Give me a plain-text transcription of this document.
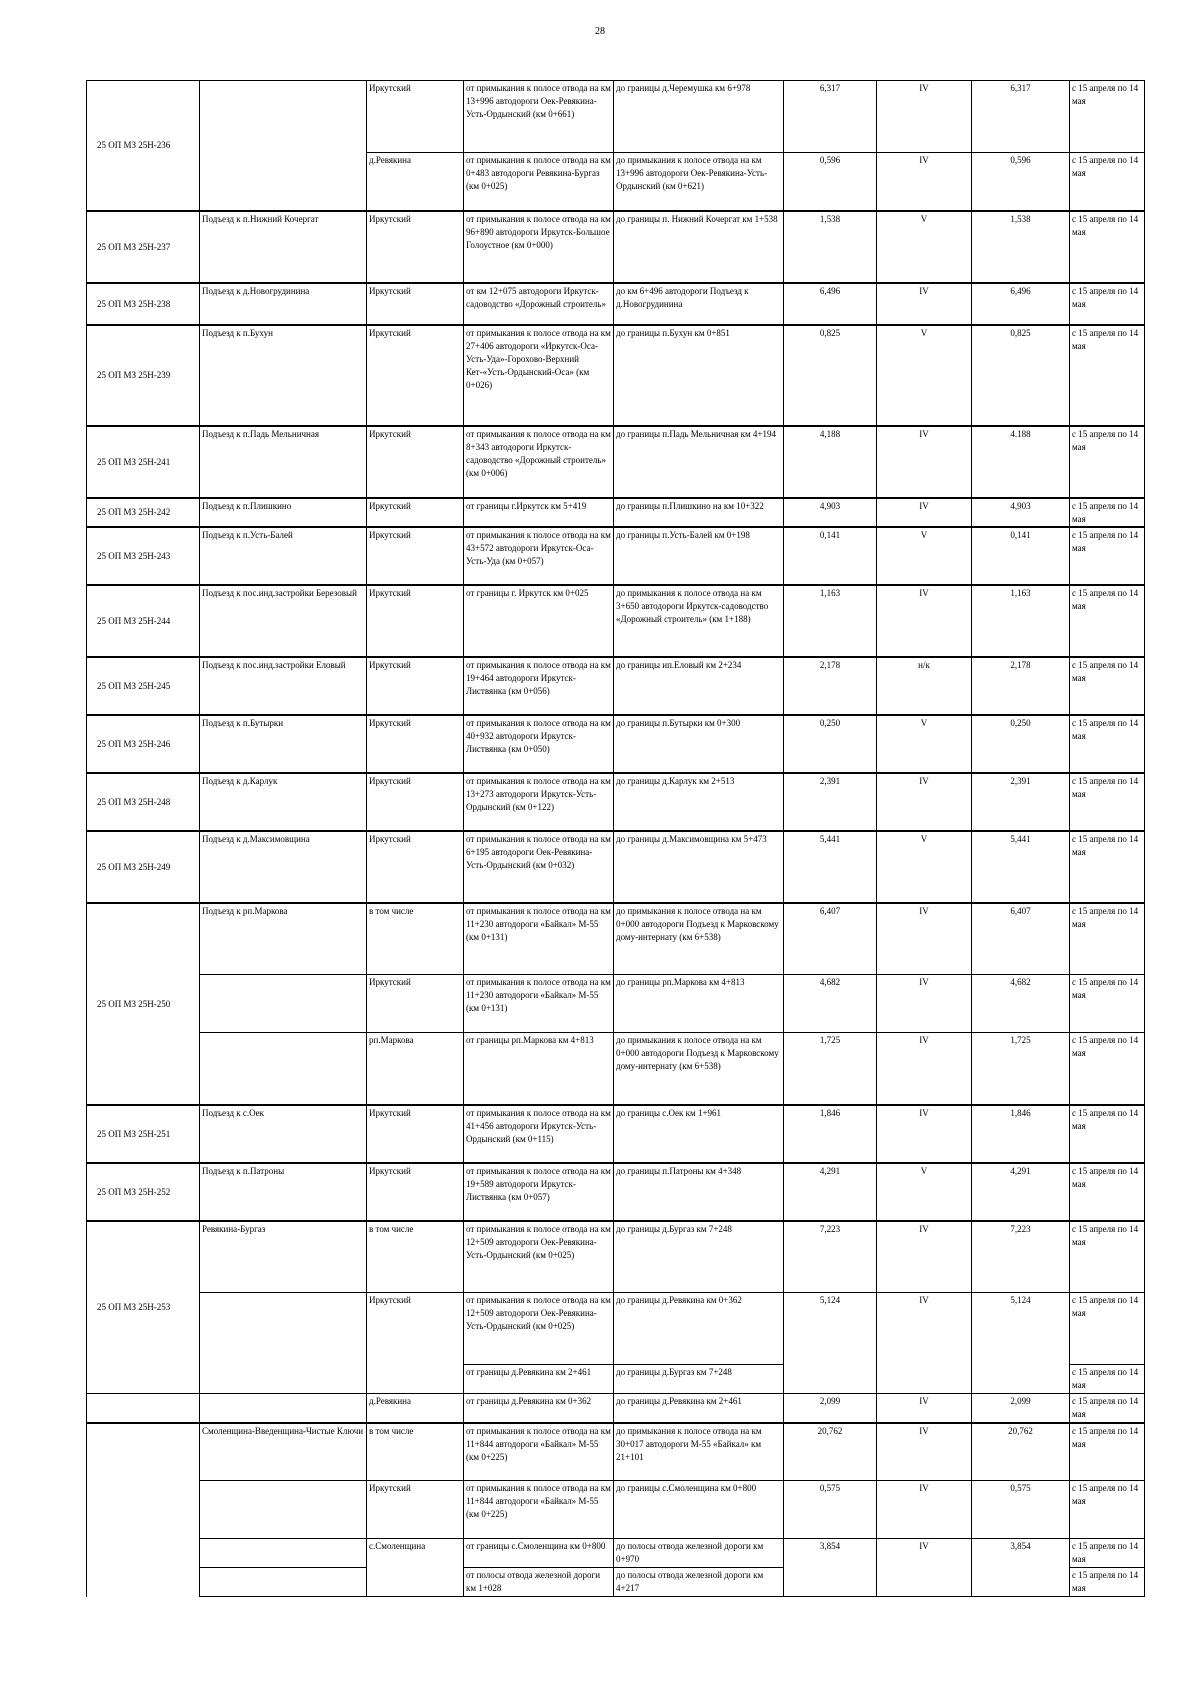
28
25 ОП МЗ 25Н-236		Иркутский	от примыкания к полосе отвода на км 13+996 автодороги Оек-Ревякина-Усть-Ордынский (км 0+661)	до границы д.Черемушка км 6+978	6,317	IV	6,317	с 15 апреля по 14 мая
		д.Ревякина	от примыкания к полосе отвода на км 0+483 автодороги Ревякина-Бургаз (км 0+025)	до примыкания к полосе отвода на км 13+996 автодороги Оек-Ревякина-Усть-Ордынский (км 0+621)	0,596	IV	0,596	с 15 апреля по 14 мая
25 ОП МЗ 25Н-237	Подъезд к п.Нижний Кочергат	Иркутский	от примыкания к полосе отвода на км 96+890 автодороги Иркутск-Большое Голоустное (км 0+000)	до границы п. Нижний Кочергат км 1+538	1,538	V	1,538	с 15 апреля по 14 мая
25 ОП МЗ 25Н-238	Подъезд к д.Новогрудинина	Иркутский	от км 12+075 автодороги Иркутск-садоводство «Дорожный строитель»	до км 6+496 автодороги Подъезд к д.Новогрудинина	6,496	IV	6,496	с 15 апреля по 14 мая
25 ОП МЗ 25Н-239	Подъезд к п.Бухун	Иркутский	от примыкания к полосе отвода на км 27+406 автодороги «Иркутск-Оса-Усть-Уда»-Горохово-Верхний Кет-«Усть-Ордынский-Оса» (км 0+026)	до границы п.Бухун км 0+851	0,825	V	0,825	с 15 апреля по 14 мая
25 ОП МЗ 25Н-241	Подъезд к п.Падь Мельничная	Иркутский	от примыкания к полосе отвода на км 8+343 автодороги Иркутск-садоводство «Дорожный строитель» (км 0+006)	до границы п.Падь Мельничная км 4+194	4,188	IV	4.188	с 15 апреля по 14 мая
25 ОП МЗ 25Н-242	Подъезд к п.Плишкино	Иркутский	от границы г.Иркутск км 5+419	до границы п.Плишкино на км 10+322	4,903	IV	4,903	с 15 апреля по 14 мая
25 ОП МЗ 25Н-243	Подъезд к п.Усть-Балей	Иркутский	от примыкания к полосе отвода на км 43+572 автодороги Иркутск-Оса-Усть-Уда (км 0+057)	до границы п.Усть-Балей км 0+198	0,141	V	0,141	с 15 апреля по 14 мая
25 ОП МЗ 25Н-244	Подъезд к пос.инд.застройки Березовый	Иркутский	от границы г. Иркутск км 0+025	до примыкания к полосе отвода на км 3+650 автодороги Иркутск-садоводство «Дорожный строитель» (км 1+188)	1,163	IV	1,163	с 15 апреля по 14 мая
25 ОП МЗ 25Н-245	Подъезд к пос.инд.застройки Еловый	Иркутский	от примыкания к полосе отвода на км 19+464 автодороги Иркутск-Листвянка (км 0+056)	до границы ип.Еловый км 2+234	2,178	н/к	2,178	с 15 апреля по 14 мая
25 ОП МЗ 25Н-246	Подъезд к п.Бутырки	Иркутский	от примыкания к полосе отвода на км 40+932 автодороги Иркутск-Листвянка (км 0+050)	до границы п.Бутырки км 0+300	0,250	V	0,250	с 15 апреля по 14 мая
25 ОП МЗ 25Н-248	Подъезд к д.Карлук	Иркутский	от примыкания к полосе отвода на км 13+273 автодороги Иркутск-Усть-Ордынский (км 0+122)	до границы д.Карлук км 2+513	2,391	IV	2,391	с 15 апреля по 14 мая
25 ОП МЗ 25Н-249	Подъезд к д.Максимовщина	Иркутский	от примыкания к полосе отвода на км 6+195 автодороги Оек-Ревякина-Усть-Ордынский (км 0+032)	до границы д.Максимовщина км 5+473	5,441	V	5,441	с 15 апреля по 14 мая
25 ОП МЗ 25Н-250	Подъезд к рп.Маркова	в том числе	от примыкания к полосе отвода на км 11+230 автодороги «Байкал» М-55 (км 0+131)	до примыкания к полосе отвода на км 0+000 автодороги Подъезд к Марковскому дому-интернату (км 6+538)	6,407	IV	6,407	с 15 апреля по 14 мая
		Иркутский	от примыкания к полосе отвода на км 11+230 автодороги «Байкал» М-55 (км 0+131)	до границы рп.Маркова км 4+813	4,682	IV	4,682	с 15 апреля по 14 мая
		рп.Маркова	от границы рп.Маркова км 4+813	до примыкания к полосе отвода на км 0+000 автодороги Подъезд к Марковскому дому-интернату (км 6+538)	1,725	IV	1,725	с 15 апреля по 14 мая
25 ОП МЗ 25Н-251	Подъезд к с.Оек	Иркутский	от примыкания к полосе отвода на км 41+456 автодороги Иркутск-Усть-Ордынский (км 0+115)	до границы с.Оек км 1+961	1,846	IV	1,846	с 15 апреля по 14 мая
25 ОП МЗ 25Н-252	Подъезд к п.Патроны	Иркутский	от примыкания к полосе отвода на км 19+589 автодороги Иркутск-Листвянка (км 0+057)	до границы п.Патроны км 4+348	4,291	V	4,291	с 15 апреля по 14 мая
25 ОП МЗ 25Н-253	Ревякина-Бургаз	в том числе	от примыкания к полосе отвода на км 12+509 автодороги Оек-Ревякина-Усть-Ордынский (км 0+025)	до границы д.Бургаз км 7+248	7,223	IV	7,223	с 15 апреля по 14 мая
		Иркутский	от примыкания к полосе отвода на км 12+509 автодороги Оек-Ревякина-Усть-Ордынский (км 0+025)	до границы д.Ревякина км 0+362	5,124	IV	5,124	с 15 апреля по 14 мая
			от границы д.Ревякина км 2+461	до границы д.Бургаз км 7+248				с 15 апреля по 14 мая
		д.Ревякина	от границы д.Ревякина км 0+362	до границы д.Ревякина км 2+461	2,099	IV	2,099	с 15 апреля по 14 мая
	Смоленщина-Введенщина-Чистые Ключи	в том числе	от примыкания к полосе отвода на км 11+844 автодороги «Байкал» М-55 (км 0+225)	до примыкания к полосе отвода на км 30+017 автодороги М-55 «Байкал» км 21+101	20,762	IV	20,762	с 15 апреля по 14 мая
		Иркутский	от примыкания к полосе отвода на км 11+844 автодороги «Байкал» М-55 (км 0+225)	до границы с.Смоленщина км 0+800	0,575	IV	0,575	с 15 апреля по 14 мая
		с.Смоленщина	от границы с.Смоленщина км 0+800	до полосы отвода железной дороги км 0+970	3,854	IV	3,854	с 15 апреля по 14 мая
			от полосы отвода железной дороги км 1+028	до полосы отвода железной дороги км 4+217				с 15 апреля по 14 мая
